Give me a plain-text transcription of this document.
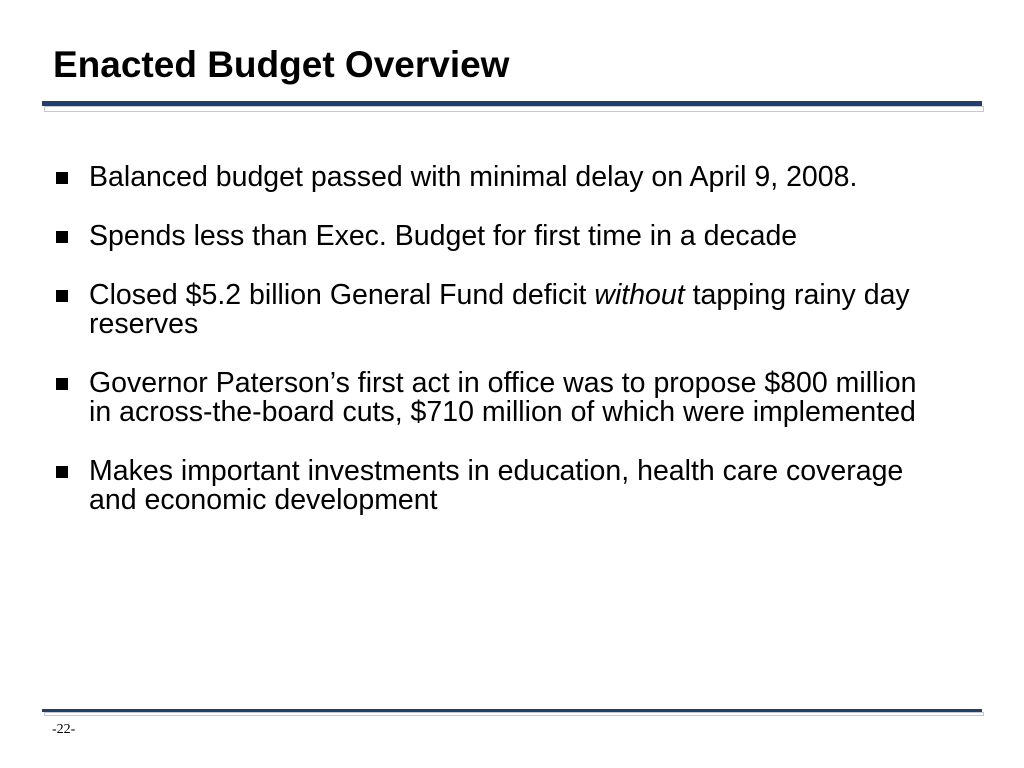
Enacted Budget Overview
Balanced budget passed with minimal delay on April 9, 2008.
Spends less than Exec. Budget for first time in a decade
Closed $5.2 billion General Fund deficit without tapping rainy day reserves
Governor Paterson’s first act in office was to propose $800 million in across-the-board cuts, $710 million of which were implemented
Makes important investments in education, health care coverage and economic development
-22-
